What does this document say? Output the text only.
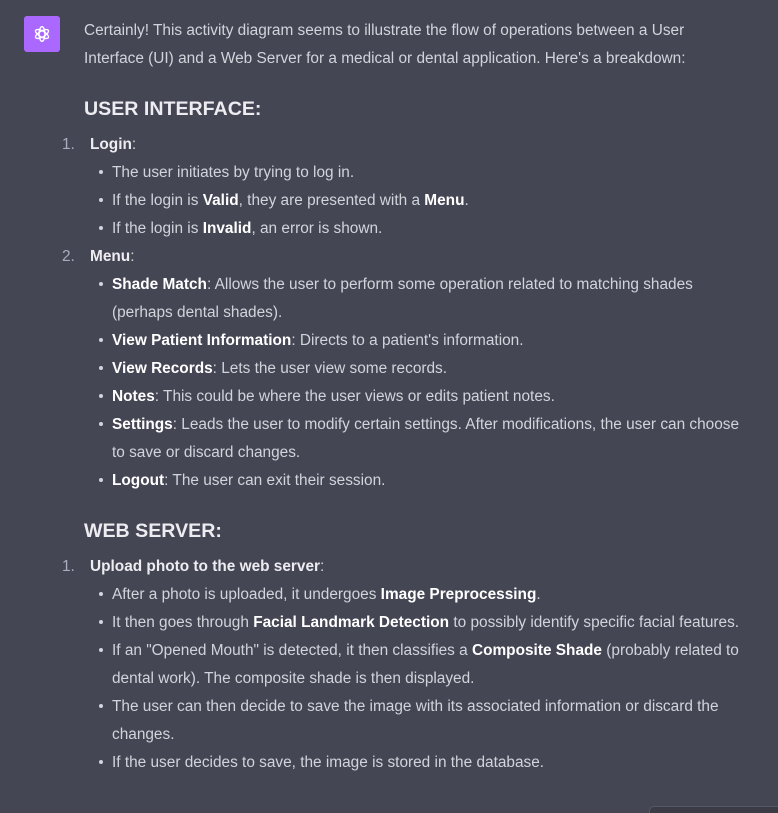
Certainly! This activity diagram seems to illustrate the flow of operations between a User Interface (UI) and a Web Server for a medical or dental application. Here's a breakdown:

USER INTERFACE:
1. Login:
The user initiates by trying to log in.
If the login is Valid, they are presented with a Menu.
If the login is Invalid, an error is shown.
2. Menu:
Shade Match: Allows the user to perform some operation related to matching shades (perhaps dental shades).
View Patient Information: Directs to a patient's information.
View Records: Lets the user view some records.
Notes: This could be where the user views or edits patient notes.
Settings: Leads the user to modify certain settings. After modifications, the user can choose to save or discard changes.
Logout: The user can exit their session.
WEB SERVER:
1. Upload photo to the web server:
After a photo is uploaded, it undergoes Image Preprocessing.
It then goes through Facial Landmark Detection to possibly identify specific facial features.
If an "Opened Mouth" is detected, it then classifies a Composite Shade (probably related to dental work). The composite shade is then displayed.
The user can then decide to save the image with its associated information or discard the changes.
If the user decides to save, the image is stored in the database.
